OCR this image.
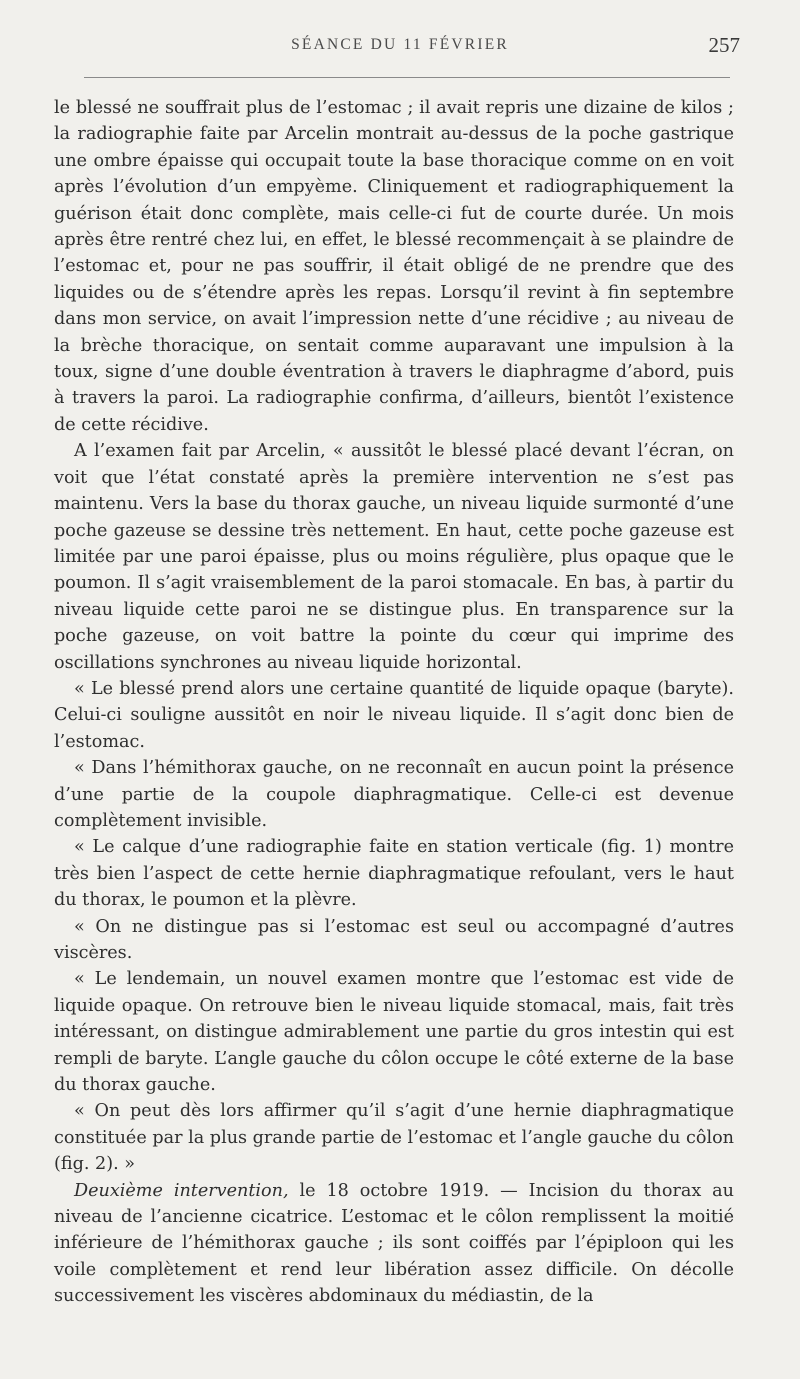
SÉANCE DU 11 FÉVRIER	257

le blessé ne souffrait plus de l’estomac ; il avait repris une dizaine de kilos ; la radiographie faite par Arcelin montrait au-dessus de la poche gastrique une ombre épaisse qui occupait toute la base thoracique comme on en voit après l’évolution d’un empyème. Cliniquement et radiographiquement la guérison était donc complète, mais celle-ci fut de courte durée. Un mois après être rentré chez lui, en effet, le blessé recommençait à se plaindre de l’estomac et, pour ne pas souffrir, il était obligé de ne prendre que des liquides ou de s’étendre après les repas. Lorsqu’il revint à fin septembre dans mon service, on avait l’impression nette d’une récidive ; au niveau de la brèche thoracique, on sentait comme auparavant une impulsion à la toux, signe d’une double éventration à travers le diaphragme d’abord, puis à travers la paroi. La radiographie confirma, d’ailleurs, bientôt l’existence de cette récidive.

A l’examen fait par Arcelin, « aussitôt le blessé placé devant l’écran, on voit que l’état constaté après la première intervention ne s’est pas maintenu. Vers la base du thorax gauche, un niveau liquide surmonté d’une poche gazeuse se dessine très nettement. En haut, cette poche gazeuse est limitée par une paroi épaisse, plus ou moins régulière, plus opaque que le poumon. Il s’agit vraisemblement de la paroi stomacale. En bas, à partir du niveau liquide cette paroi ne se distingue plus. En transparence sur la poche gazeuse, on voit battre la pointe du cœur qui imprime des oscillations synchrones au niveau liquide horizontal.

« Le blessé prend alors une certaine quantité de liquide opaque (baryte). Celui-ci souligne aussitôt en noir le niveau liquide. Il s’agit donc bien de l’estomac.

« Dans l’hémithorax gauche, on ne reconnaît en aucun point la présence d’une partie de la coupole diaphragmatique. Celle-ci est devenue complètement invisible.

« Le calque d’une radiographie faite en station verticale (fig. 1) montre très bien l’aspect de cette hernie diaphragmatique refoulant, vers le haut du thorax, le poumon et la plèvre.

« On ne distingue pas si l’estomac est seul ou accompagné d’autres viscères.

« Le lendemain, un nouvel examen montre que l’estomac est vide de liquide opaque. On retrouve bien le niveau liquide stomacal, mais, fait très intéressant, on distingue admirablement une partie du gros intestin qui est rempli de baryte. L’angle gauche du côlon occupe le côté externe de la base du thorax gauche.

« On peut dès lors affirmer qu’il s’agit d’une hernie diaphragmatique constituée par la plus grande partie de l’estomac et l’angle gauche du côlon (fig. 2). »

Deuxième intervention, le 18 octobre 1919. — Incision du thorax au niveau de l’ancienne cicatrice. L’estomac et le côlon remplissent la moitié inférieure de l’hémithorax gauche ; ils sont coiffés par l’épiploon qui les voile complètement et rend leur libération assez difficile. On décolle successivement les viscères abdominaux du médiastin, de la
